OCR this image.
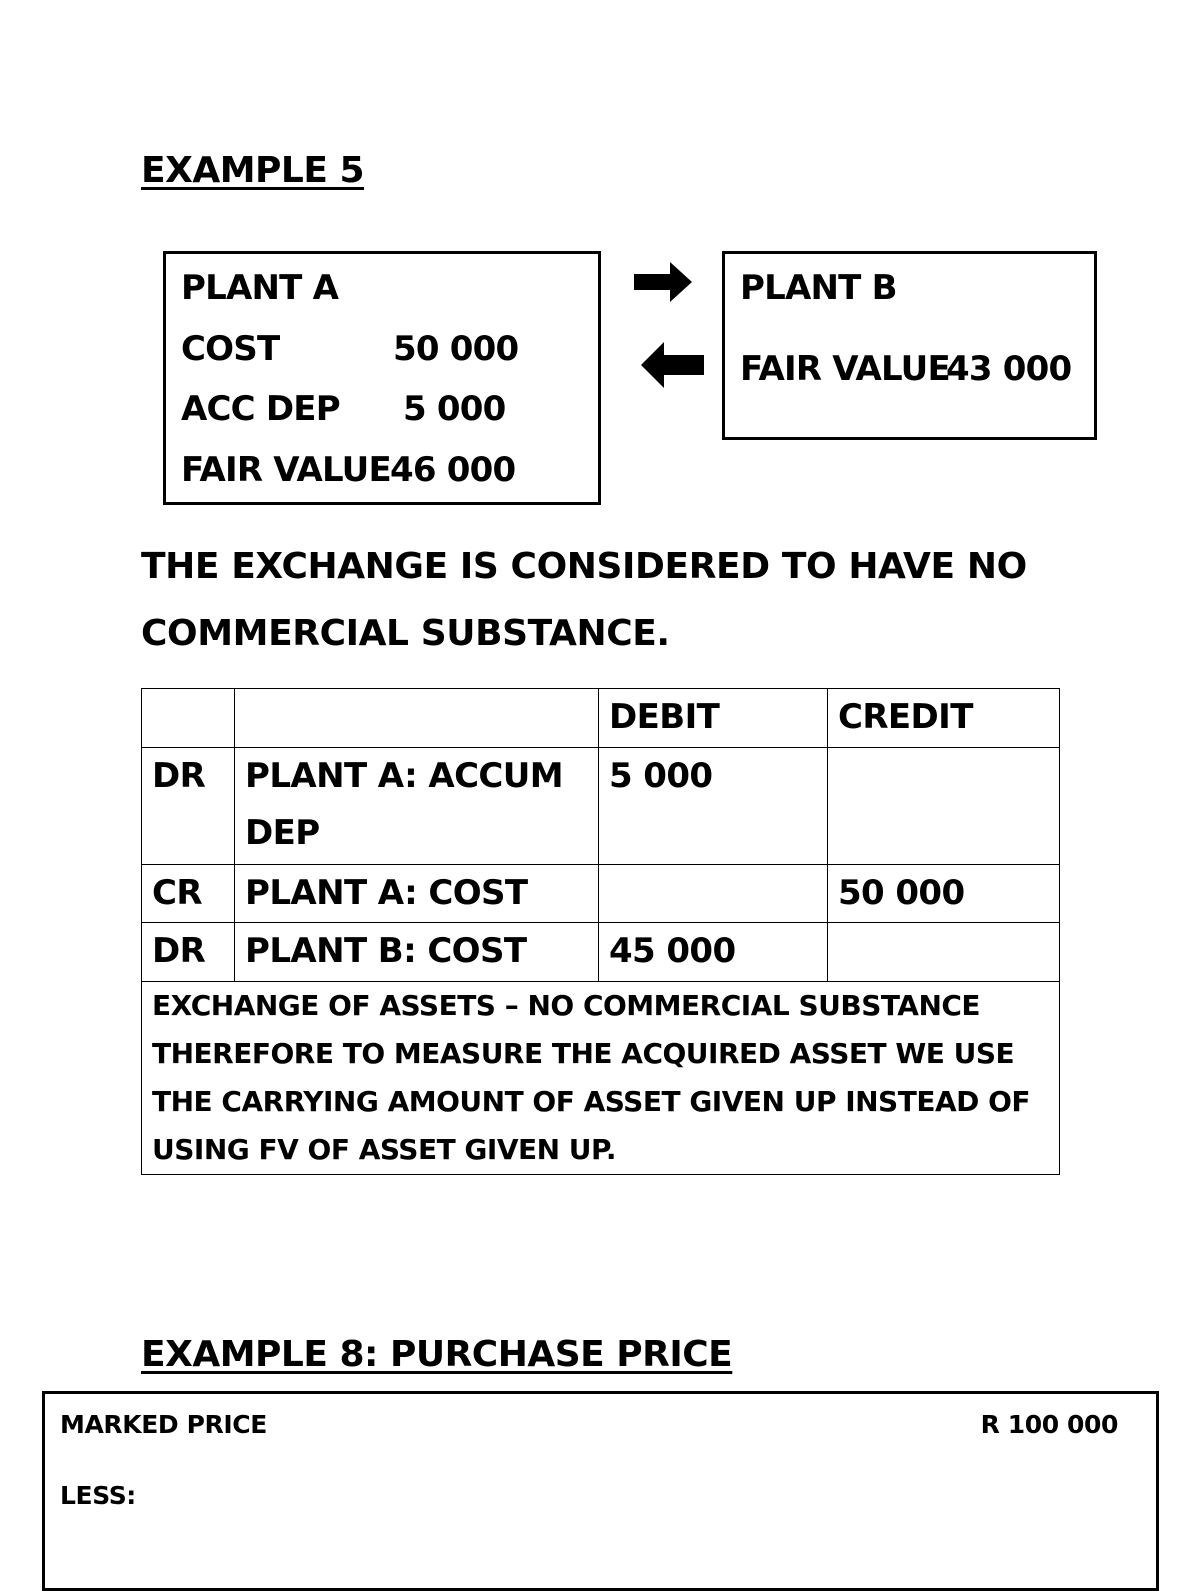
EXAMPLE 5
PLANT A
COST	50 000
ACC DEP 5 000
FAIR VALUE 46 000
PLANT B
FAIR VALUE
43 000
THE EXCHANGE IS CONSIDERED TO HAVE NO
COMMERCIAL SUBSTANCE.
		DEBIT	CREDIT
DR	PLANT A: ACCUM DEP	5 000	
CR	PLANT A: COST		50 000
DR	PLANT B: COST	45 000	
EXCHANGE OF ASSETS – NO COMMERCIAL SUBSTANCE THEREFORE TO MEASURE THE ACQUIRED ASSET WE USE THE CARRYING AMOUNT OF ASSET GIVEN UP INSTEAD OF USING FV OF ASSET GIVEN UP.			
EXAMPLE 8: PURCHASE PRICE
MARKED PRICE	R 100 000
LESS:
